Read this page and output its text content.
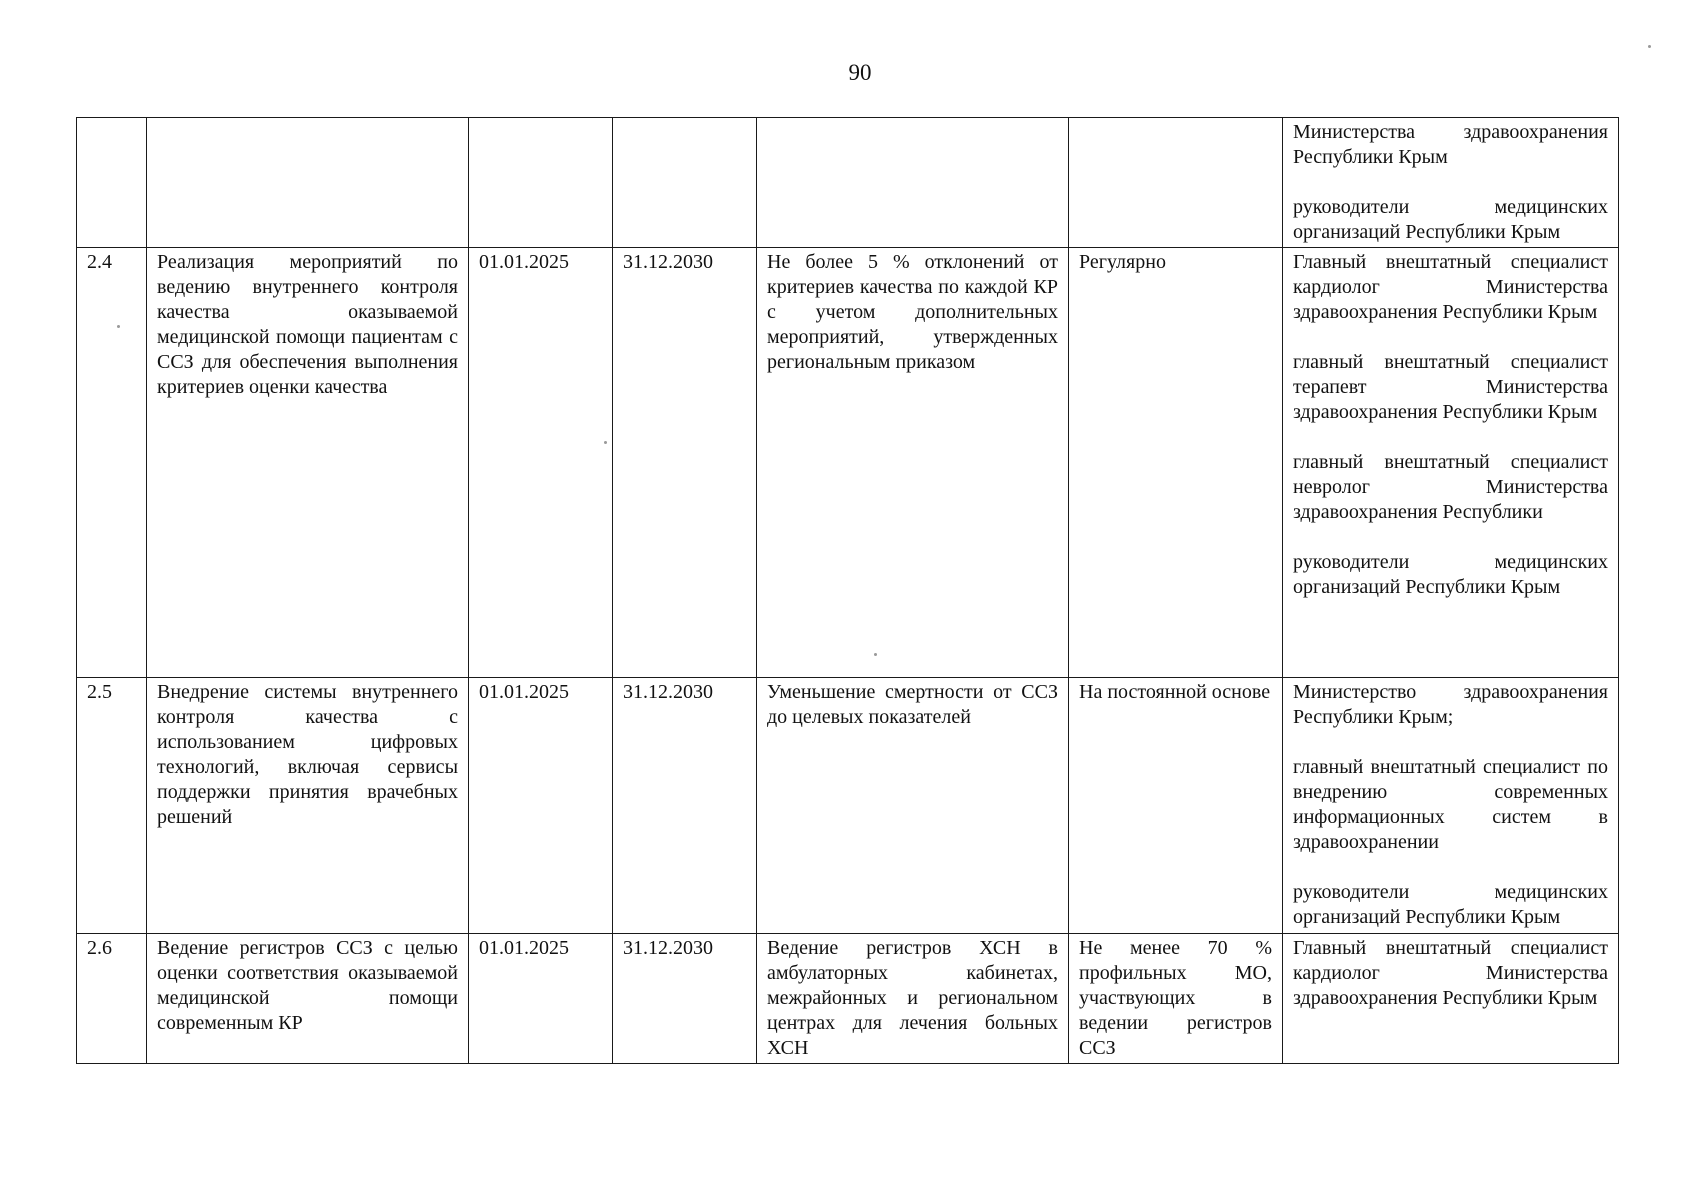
90

						Министерства здравоохранения Республики Крым
руководители медицинских организаций Республики Крым

2.4	Реализация мероприятий по ведению внутреннего контроля качества оказываемой медицинской помощи пациентам с ССЗ для обеспечения выполнения критериев оценки качества	01.01.2025	31.12.2030	Не более 5 % отклонений от критериев качества по каждой КР с учетом дополнительных мероприятий, утвержденных региональным приказом	Регулярно	Главный внештатный специалист кардиолог Министерства здравоохранения Республики Крым
главный внештатный специалист терапевт Министерства здравоохранения Республики Крым
главный внештатный специалист невролог Министерства здравоохранения Республики
руководители медицинских организаций Республики Крым

2.5	Внедрение системы внутреннего контроля качества с использованием цифровых технологий, включая сервисы поддержки принятия врачебных решений	01.01.2025	31.12.2030	Уменьшение смертности от ССЗ до целевых показателей	На постоянной основе	Министерство здравоохранения Республики Крым;
главный внештатный специалист по внедрению современных информационных систем в здравоохранении
руководители медицинских организаций Республики Крым

2.6	Ведение регистров ССЗ с целью оценки соответствия оказываемой медицинской помощи современным КР	01.01.2025	31.12.2030	Ведение регистров ХСН в амбулаторных кабинетах, межрайонных и региональном центрах для лечения больных ХСН	Не менее 70 % профильных МО, участвующих в ведении регистров ССЗ	Главный внештатный специалист кардиолог Министерства здравоохранения Республики Крым
